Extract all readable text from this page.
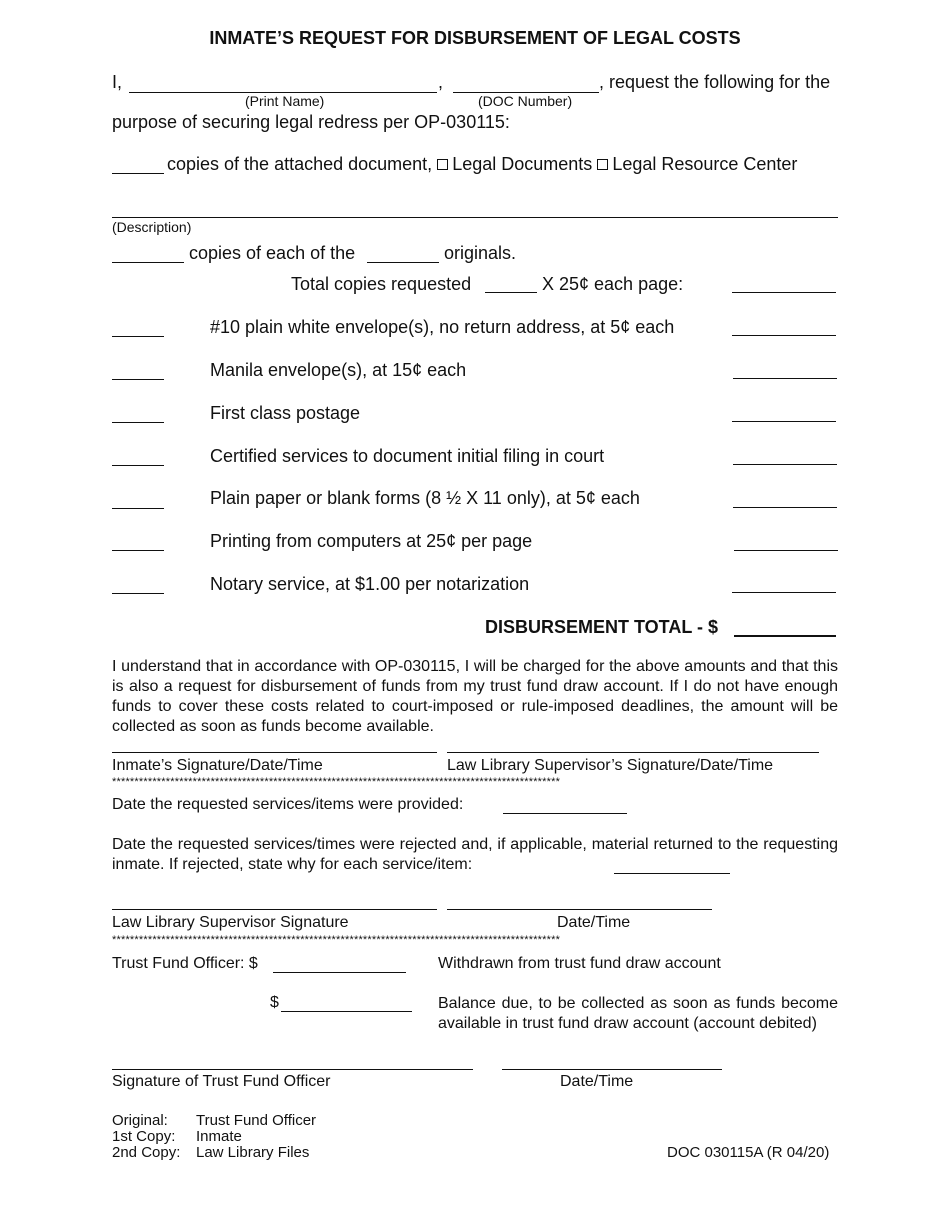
INMATE’S REQUEST FOR DISBURSEMENT OF LEGAL COSTS
I,	,	, request the following for the
(Print Name)	(DOC Number)
purpose of securing legal redress per OP-030115:
copies of the attached document, Legal Documents Legal Resource Center
(Description)
copies of each of the	originals.
Total copies requested	X 25¢ each page:
#10 plain white envelope(s), no return address, at 5¢ each
Manila envelope(s), at 15¢ each
First class postage
Certified services to document initial filing in court
Plain paper or blank forms (8 ½ X 11 only), at 5¢ each
Printing from computers at 25¢ per page
Notary service, at $1.00 per notarization
DISBURSEMENT TOTAL - $
I understand that in accordance with OP-030115, I will be charged for the above amounts and that this is also a request for disbursement of funds from my trust fund draw account. If I do not have enough funds to cover these costs related to court-imposed or rule-imposed deadlines, the amount will be collected as soon as funds become available.
Inmate’s Signature/Date/Time	Law Library Supervisor’s Signature/Date/Time
****************************************************************************************************
Date the requested services/items were provided:
Date the requested services/times were rejected and, if applicable, material returned to the requesting inmate. If rejected, state why for each service/item:
Law Library Supervisor Signature	Date/Time
****************************************************************************************************
Trust Fund Officer: $	Withdrawn from trust fund draw account
$	Balance due, to be collected as soon as funds become available in trust fund draw account (account debited)
Signature of Trust Fund Officer	Date/Time
Original: Trust Fund Officer
1st Copy: Inmate
2nd Copy: Law Library Files	DOC 030115A (R 04/20)
